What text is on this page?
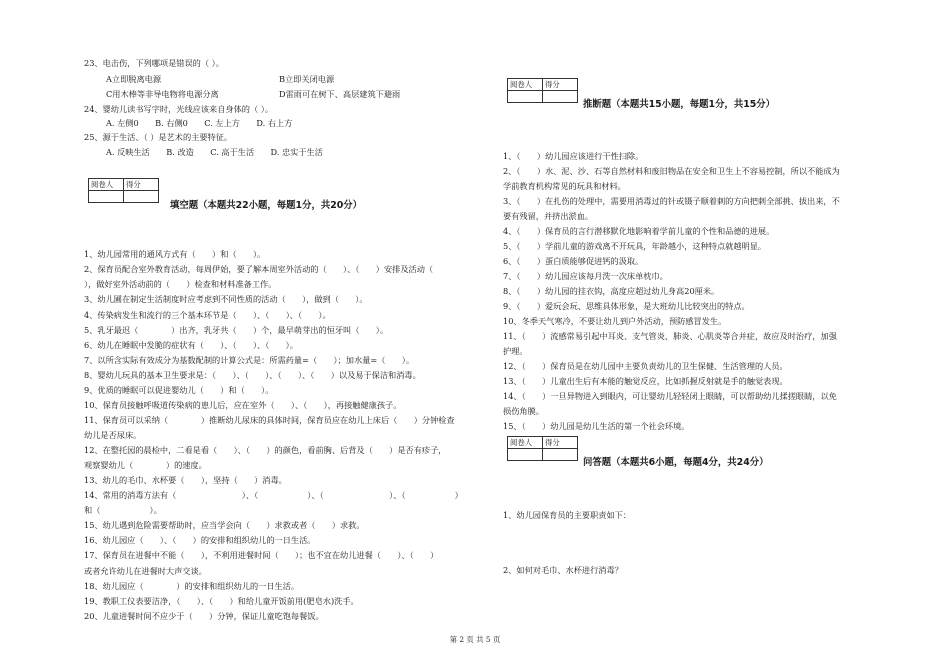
23、电击伤，下列哪项是错误的（ ）。
A立即脱离电源	B立即关闭电源
C用木棒等非导电物将电源分离	D雷雨可在树下、高层建筑下避雨
24、婴幼儿读书写字时，光线应该来自身体的（ ）。
A. 左侧0　　B. 右侧0　　C. 左上方　　D. 右上方
25、源于生活、（ ）是艺术的主要特征。
A. 反映生活　　B. 改造　　C. 高于生活　　D. 忠实于生活
阅卷人	得分

填空题（本题共22小题，每题1分，共20分）
1、幼儿园常用的通风方式有（　　）和（　　）。
2、保育员配合室外教育活动，每周伊始，要了解本周室外活动的（　　）、（　　）安排及活动（
），做好室外活动前的（　　）检查和材料准备工作。
3、幼儿圃在制定生活制度时应考虑到不同性质的活动（　　），做到（　　）。
4、传染病发生和流行的三个基本环节是（　　）、（　　）、（　　）。
5、乳牙最迟（　　　　）出齐，乳牙共（　　）个，最早萌芽出的恒牙叫（　　）。
6、幼儿在睡眠中发脆的症状有（　　）、（　　）、（　　）。
7、以所含实际有效成分为基数配制的计算公式是：所需药量=（　　）；加水量=（　　）。
8、婴幼儿玩具的基本卫生要求是：（　　）、（　　）、（　　）、（　　）以及易于保洁和消毒。
9、优质的睡眠可以促进婴幼儿（　　）和（　　）。
10、保育员接触呼吸道传染病的患儿后，应在室外（　　）、（　　），再接触健康孩子。
11、保育员可以采纳（　　　　）推断幼儿尿床的具体时间，保育员应在幼儿上床后（　　）分钟检查
幼儿是否尿床。
12、在整托园的晨检中，二看是看（　　）、（　　）的颜色，看前胸、后背及（　　）是否有疹子，
观察婴幼儿（　　　　）的速度。
13、幼儿的毛巾、水杯要（　　），坚持（　　）消毒。
14、常用的消毒方法有（　　　　　　　　）、（　　　　　　）、（　　　　　　　　）、（　　　　　　）
和（　　　　　　）。
15、幼儿遇到危险需要帮助时，应当学会向（　　）求救或者（　　）求救。
16、幼儿园应（　　）、（　　）的安排和组织幼儿的一日生活。
17、保育员在进餐中不能（　　），不利用进餐时间（　　）；也不宜在幼儿进餐（　　）、（　　）
或者允许幼儿在进餐时大声交谈。
18、幼儿园应（　　　　）的安排和组织幼儿的一日生活。
19、教职工仪表要洁净，（　　）、（　　）和给儿童开饭前用(肥皂水)洗手。
20、儿童进餐时间不应少于（　　）分钟，保证儿童吃饱每餐饭。
阅卷人	得分

推断题（本题共15小题，每题1分，共15分）
1、（　　）幼儿园应该进行干性扫除。
2、（　　）水、泥、沙、石等自然材料和废旧物品在安全和卫生上不容易控制，所以不能成为
学前教育机构常见的玩具和材料。
3、（　　）在扎伤的处理中，需要用消毒过的针或镊子顺着刺的方向把刺全部挑、拔出来，不
要有残留，并挤出淤血。
4、（　　）保育员的言行潜移默化地影响着学前儿童的个性和品德的进展。
5、（　　）学前儿童的游戏离不开玩具，年龄越小，这种特点就越明显。
6、（　　）蛋白质能够促进钙的汲取。
7、（　　）幼儿园应该每月洗一次床单枕巾。
8、（　　）幼儿园的挂衣钩，高度应超过幼儿身高20厘米。
9、（　　）爱玩会玩、思维具体形象，是大班幼儿比较突出的特点。
10、冬季天气寒冷，不要让幼儿到户外活动，预防感冒发生。
11、（　　）流感常易引起中耳炎、支气管炎、肺炎、心肌炎等合并症，故应及时治疗，加强
护理。
12、（　　）保育员是在幼儿园中主要负责幼儿的卫生保健、生活管理的人员。
13、（　　）儿童出生后有本能的触觉反应，比如抓握反射就是手的触觉表现。
14、（　　）一旦异物进入到眼内，可让婴幼儿轻轻闭上眼睛，可以帮助幼儿揉搓眼睛，以免
损伤角膜。
15、（　　）幼儿园是幼儿生活的第一个社会环境。
阅卷人	得分

问答题（本题共6小题，每题4分，共24分）
1、幼儿园保育员的主要职责如下：
2、如何对毛巾、水杯进行消毒？
第 2 页 共 5 页
